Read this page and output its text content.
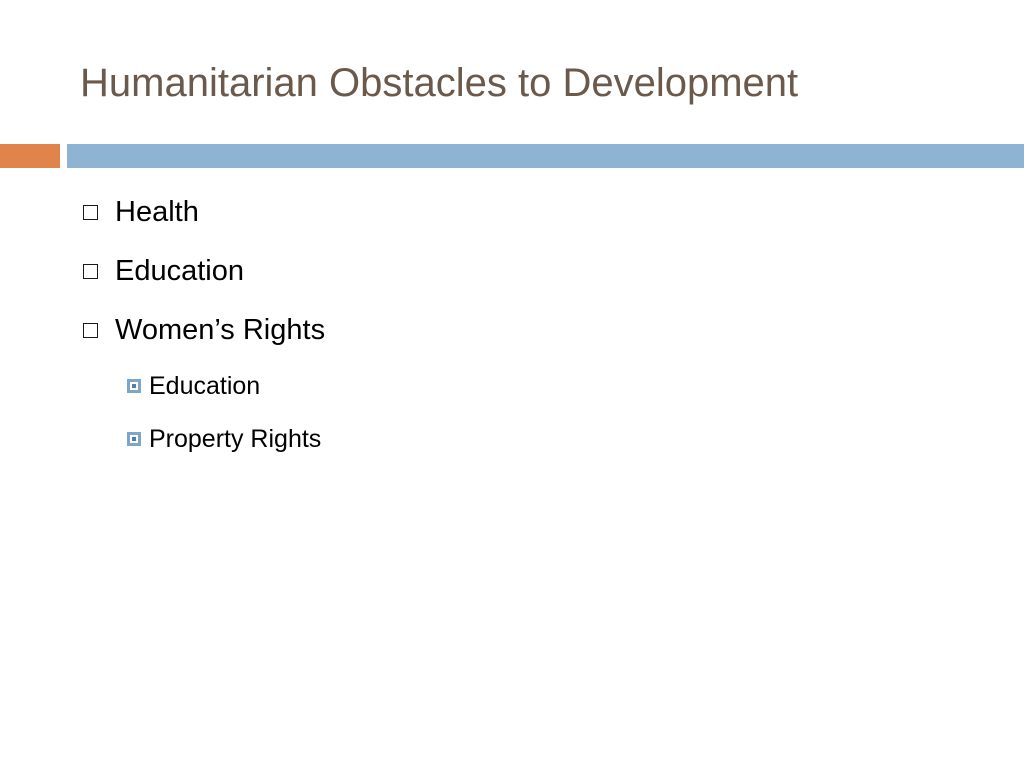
Humanitarian Obstacles to Development
Health
Education
Women’s Rights
Education
Property Rights
